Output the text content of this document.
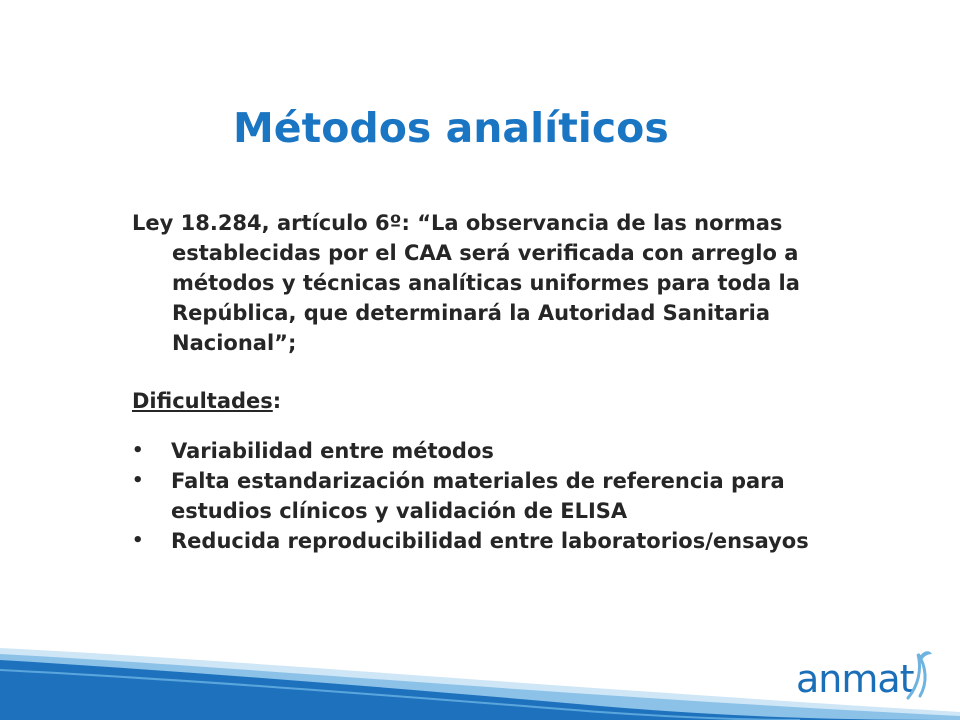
Métodos analíticos
Ley 18.284, artículo 6º: “La observancia de las normas establecidas por el CAA será verificada con arreglo a métodos y técnicas analíticas uniformes para toda la República, que determinará la Autoridad Sanitaria Nacional”;
Dificultades:
• Variabilidad entre métodos
• Falta estandarización materiales de referencia para estudios clínicos y validación de ELISA
• Reducida reproducibilidad entre laboratorios/ensayos
anmat
